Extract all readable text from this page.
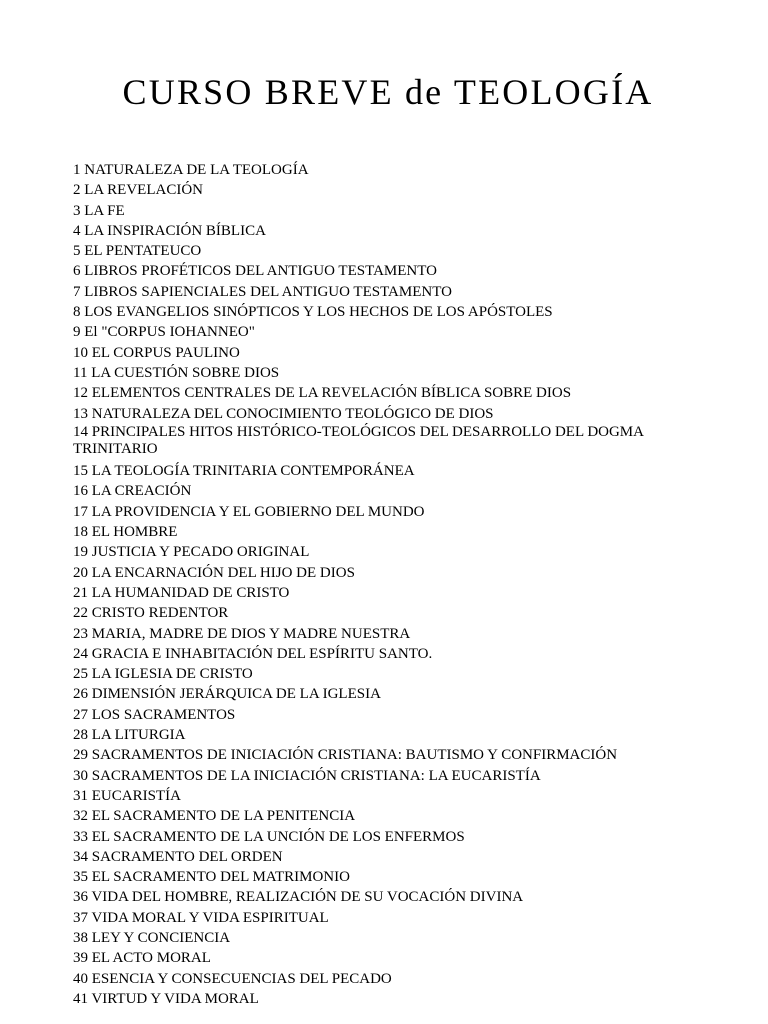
CURSO BREVE de TEOLOGÍA
1 NATURALEZA DE LA TEOLOGÍA
2 LA REVELACIÓN
3 LA FE
4 LA INSPIRACIÓN BÍBLICA
5 EL PENTATEUCO
6 LIBROS PROFÉTICOS DEL ANTIGUO TESTAMENTO
7 LIBROS SAPIENCIALES DEL ANTIGUO TESTAMENTO
8 LOS EVANGELIOS SINÓPTICOS Y LOS HECHOS DE LOS APÓSTOLES
9 El "CORPUS IOHANNEO"
10 EL CORPUS PAULINO
11 LA CUESTIÓN SOBRE DIOS
12 ELEMENTOS CENTRALES DE LA REVELACIÓN BÍBLICA SOBRE DIOS
13 NATURALEZA DEL CONOCIMIENTO TEOLÓGICO DE DIOS
14 PRINCIPALES HITOS HISTÓRICO-TEOLÓGICOS DEL DESARROLLO DEL DOGMA TRINITARIO
15 LA TEOLOGÍA TRINITARIA CONTEMPORÁNEA
16 LA CREACIÓN
17 LA PROVIDENCIA Y EL GOBIERNO DEL MUNDO
18 EL HOMBRE
19 JUSTICIA Y PECADO ORIGINAL
20 LA ENCARNACIÓN DEL HIJO DE DIOS
21 LA HUMANIDAD DE CRISTO
22 CRISTO REDENTOR
23 MARIA, MADRE DE DIOS Y MADRE NUESTRA
24 GRACIA E INHABITACIÓN DEL ESPÍRITU SANTO.
25 LA IGLESIA DE CRISTO
26 DIMENSIÓN JERÁRQUICA DE LA IGLESIA
27 LOS SACRAMENTOS
28 LA LITURGIA
29 SACRAMENTOS DE INICIACIÓN CRISTIANA: BAUTISMO Y CONFIRMACIÓN
30 SACRAMENTOS DE LA INICIACIÓN CRISTIANA: LA EUCARISTÍA
31 EUCARISTÍA
32 EL SACRAMENTO DE LA PENITENCIA
33 EL SACRAMENTO DE LA UNCIÓN DE LOS ENFERMOS
34 SACRAMENTO DEL ORDEN
35 EL SACRAMENTO DEL MATRIMONIO
36 VIDA DEL HOMBRE, REALIZACIÓN DE SU VOCACIÓN DIVINA
37 VIDA MORAL Y VIDA ESPIRITUAL
38 LEY Y CONCIENCIA
39 EL ACTO MORAL
40 ESENCIA Y CONSECUENCIAS DEL PECADO
41 VIRTUD Y VIDA MORAL
